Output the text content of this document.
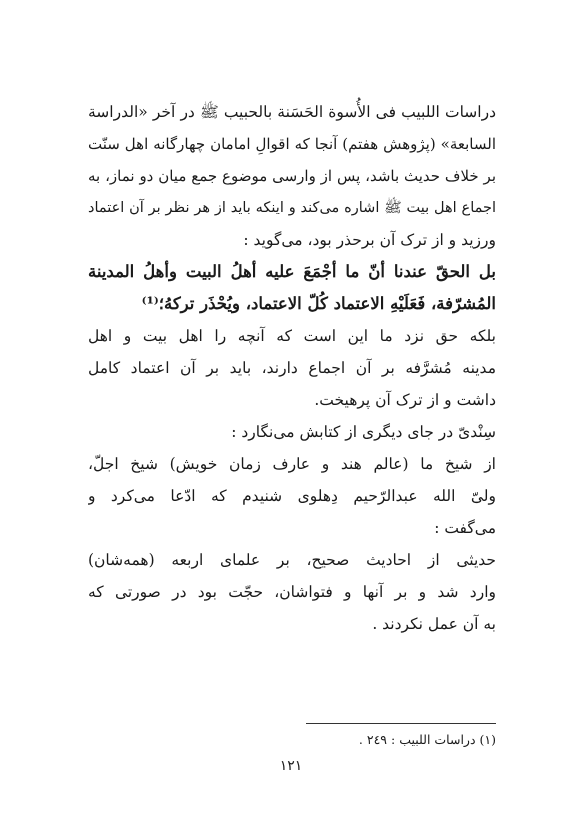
دراسات اللبيب فی الأُسوة الحَسَنة بالحبيب ﷺ در آخر «الدراسة
السابعة» (پژوهش هفتم) آنجا که اقوالِ امامان چهارگانه اهل سنّت
بر خلاف حدیث باشد، پس از وارسی موضوع جمع میان دو نماز، به
اجماع اهل بیت ﷺ اشاره می‌کند و اینکه باید از هر نظر بر آن اعتماد
ورزید و از ترک آن برحذر بود، می‌گوید :
بل الحقّ عندنا أنّ ما أجْمَعَ علیه أهلُ البیت وأهلُ المدینة
المُشرّفة، فَعَلَیْهِ الاعتماد کُلّ الاعتماد، ویُحْذَر ترکهُ؛⁽¹⁾
بلکه حق نزد ما این است که آنچه را اهل بیت و اهل
مدینه مُشرَّفه بر آن اجماع دارند، باید بر آن اعتماد کامل
داشت و از ترک آن پرهیخت.
سِنْدیّ در جای دیگری از کتابش می‌نگارد :
از شیخ ما (عالم هند و عارف زمان خویش) شیخ اجلّ،
ولیّ الله عبدالرّحیم دِهلوی شنیدم که ادّعا می‌کرد و
می‌گفت :
حدیثی از احادیث صحیح، بر علمای اربعه (همه‌شان)
وارد شد و بر آنها و فتواشان، حجّت بود در صورتی که
به آن عمل نکردند .
(۱) دراسات اللبیب : ۲٤۹ .
۱۲۱
